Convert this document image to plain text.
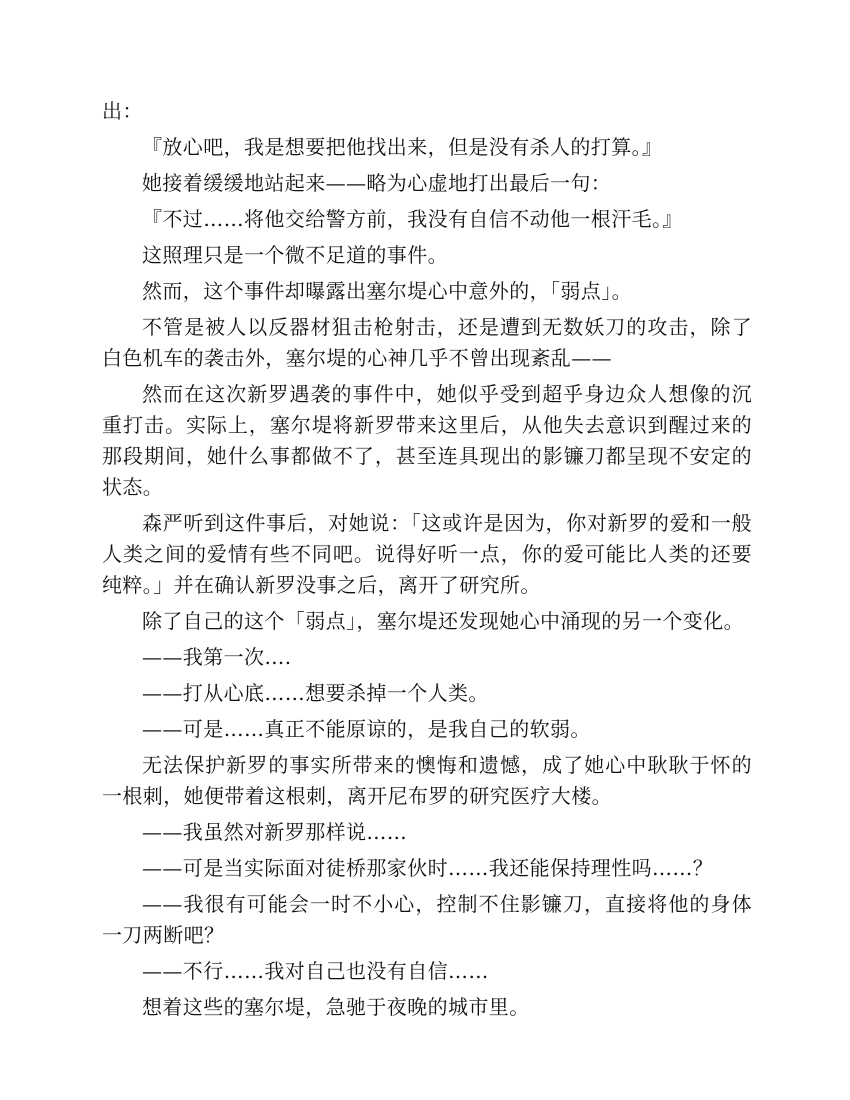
出：

『放心吧，我是想要把他找出来，但是没有杀人的打算。』

她接着缓缓地站起来——略为心虚地打出最后一句：

『不过……将他交给警方前，我没有自信不动他一根汗毛。』

这照理只是一个微不足道的事件。

然而，这个事件却曝露出塞尔堤心中意外的，「弱点」。

不管是被人以反器材狙击枪射击，还是遭到无数妖刀的攻击，除了白色机车的袭击外，塞尔堤的心神几乎不曾出现紊乱——

然而在这次新罗遇袭的事件中，她似乎受到超乎身边众人想像的沉重打击。实际上，塞尔堤将新罗带来这里后，从他失去意识到醒过来的那段期间，她什么事都做不了，甚至连具现出的影镰刀都呈现不安定的状态。

森严听到这件事后，对她说：「这或许是因为，你对新罗的爱和一般人类之间的爱情有些不同吧。说得好听一点，你的爱可能比人类的还要纯粹。」并在确认新罗没事之后，离开了研究所。

除了自己的这个「弱点」，塞尔堤还发现她心中涌现的另一个变化。

——我第一次….

——打从心底……想要杀掉一个人类。

——可是……真正不能原谅的，是我自己的软弱。

无法保护新罗的事实所带来的懊悔和遗憾，成了她心中耿耿于怀的一根刺，她便带着这根刺，离开尼布罗的研究医疗大楼。

——我虽然对新罗那样说……

——可是当实际面对徒桥那家伙时……我还能保持理性吗……？

——我很有可能会一时不小心，控制不住影镰刀，直接将他的身体一刀两断吧？

——不行……我对自己也没有自信……

想着这些的塞尔堤，急驰于夜晚的城市里。
